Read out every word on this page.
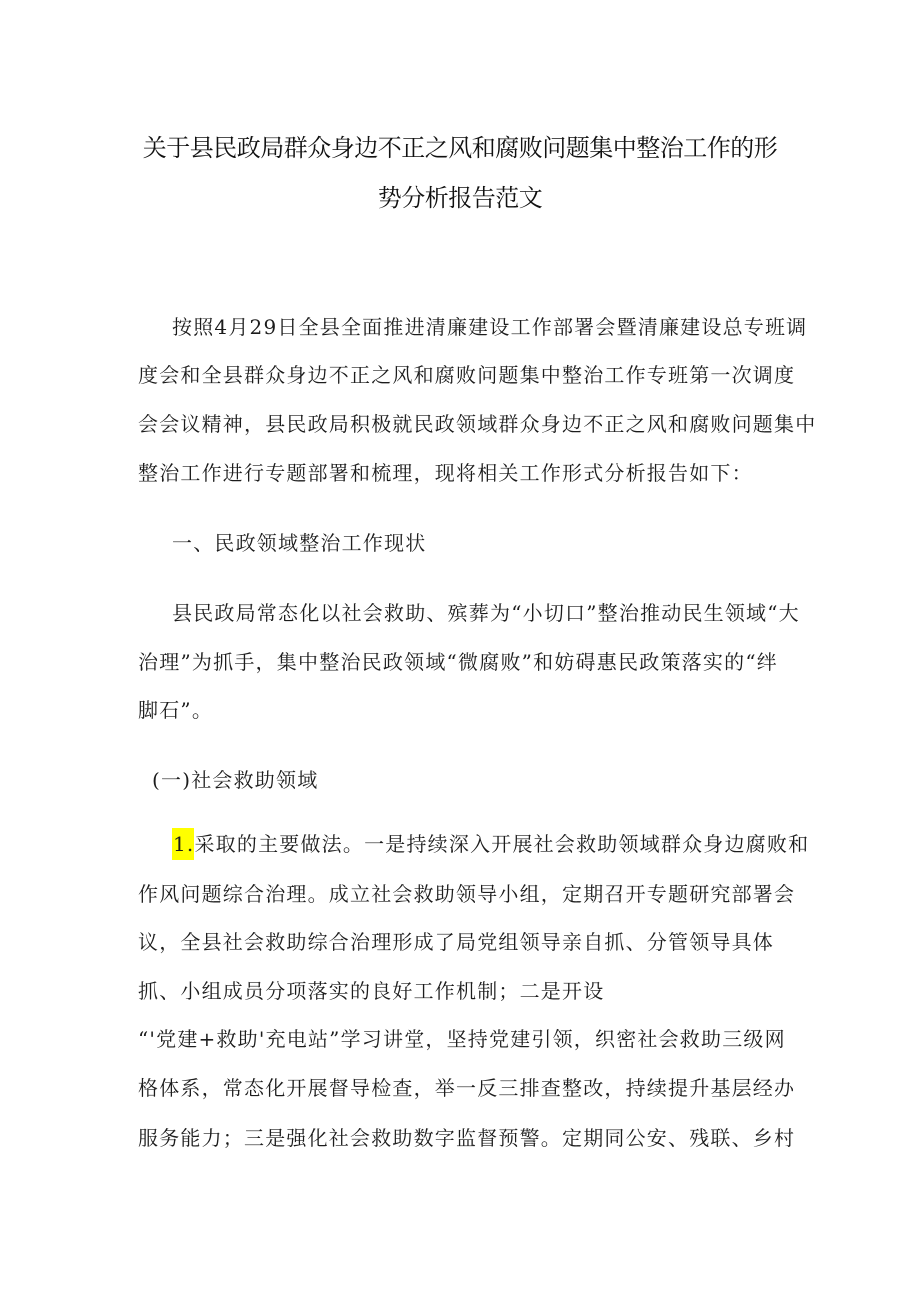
关于县民政局群众身边不正之风和腐败问题集中整治工作的形
势分析报告范文
按照4月29日全县全面推进清廉建设工作部署会暨清廉建设总专班调
度会和全县群众身边不正之风和腐败问题集中整治工作专班第一次调度
会会议精神，县民政局积极就民政领域群众身边不正之风和腐败问题集中
整治工作进行专题部署和梳理，现将相关工作形式分析报告如下：
一、民政领域整治工作现状
县民政局常态化以社会救助、殡葬为“小切口”整治推动民生领域“大
治理”为抓手，集中整治民政领域“微腐败”和妨碍惠民政策落实的“绊
脚石”。
(一)社会救助领域
1.采取的主要做法。一是持续深入开展社会救助领域群众身边腐败和
作风问题综合治理。成立社会救助领导小组，定期召开专题研究部署会
议，全县社会救助综合治理形成了局党组领导亲自抓、分管领导具体
抓、小组成员分项落实的良好工作机制；二是开设
“'党建+救助'充电站”学习讲堂，坚持党建引领，织密社会救助三级网
格体系，常态化开展督导检查，举一反三排查整改，持续提升基层经办
服务能力；三是强化社会救助数字监督预警。定期同公安、残联、乡村
